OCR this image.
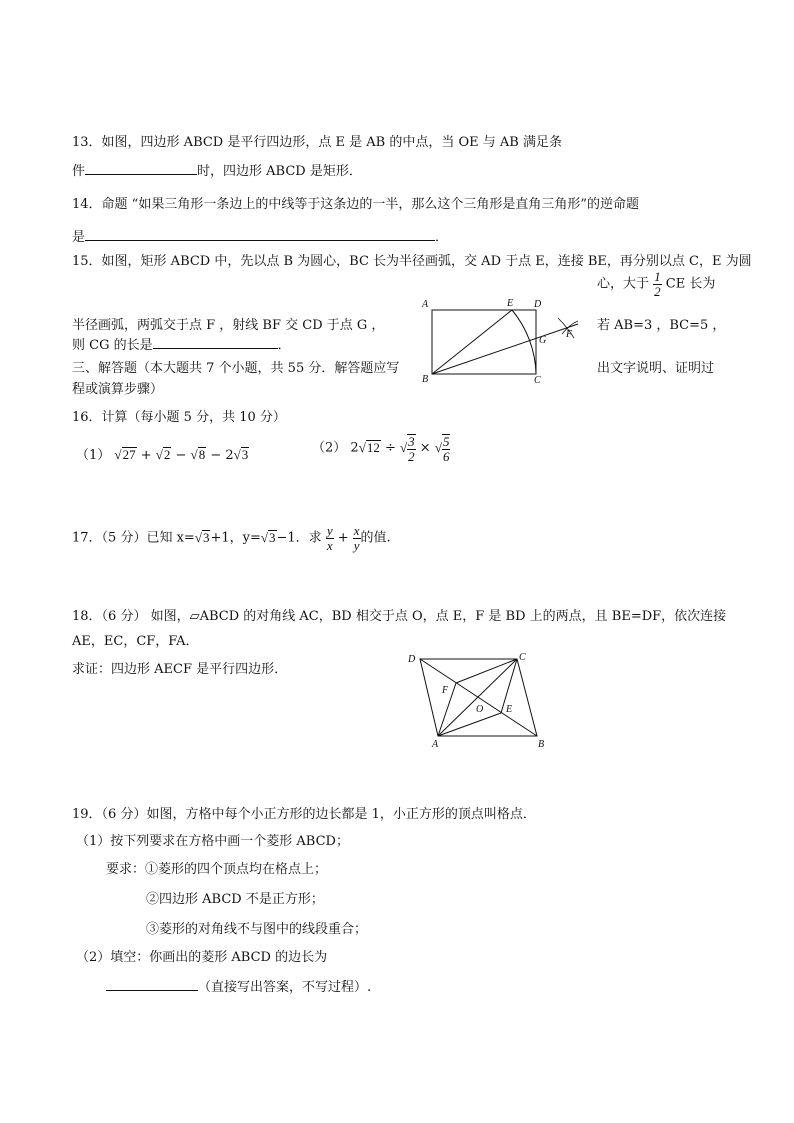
13．如图，四边形 ABCD 是平行四边形，点 E 是 AB 的中点，当 OE 与 AB 满足条
件	时，四边形 ABCD 是矩形．
14．命题 “如果三角形一条边上的中线等于这条边的一半，那么这个三角形是直角三角形”的逆命题
是	．
15．如图，矩形 ABCD 中，先以点 B 为圆心，BC 长为半径画弧，交 AD 于点 E，连接 BE，再分别以点 C，E 为圆
心，大于 $\frac{1}{2}$ CE 长为
半径画弧，两弧交于点 F ，射线 BF 交 CD 于点 G ，	若 AB=3 ，BC=5 ，
则 CG 的长是	．
A
B	C
D
E
F
G
三、解答题（本大题共 7 个小题，共 55 分．解答题应写	出文字说明、证明过
程或演算步骤）
16．计算（每小题 5 分，共 10 分）
（1） √27 + √2 − √8 − 2√3	（2） 2√12 ÷ √ $\frac{3}{2}$ × √ $\frac{5}{6}$
17．（5 分）已知 x=√3+1，y=√3−1．求 $\frac{y}{x} + \frac{x}{y}$ 的值.
18．（6 分） 如图，▱ABCD 的对角线 AC，BD 相交于点 O，点 E，F 是 BD 上的两点，且 BE=DF，依次连接
AE，EC，CF，FA．
求证：四边形 AECF 是平行四边形．
D	C
A	B
F
O E
19．（6 分）如图，方格中每个小正方形的边长都是 1，小正方形的顶点叫格点．
（1）按下列要求在方格中画一个菱形 ABCD；
要求：①菱形的四个顶点均在格点上；
②四边形 ABCD 不是正方形；
③菱形的对角线不与图中的线段重合；
（2）填空：你画出的菱形 ABCD 的边长为
（直接写出答案，不写过程）.
